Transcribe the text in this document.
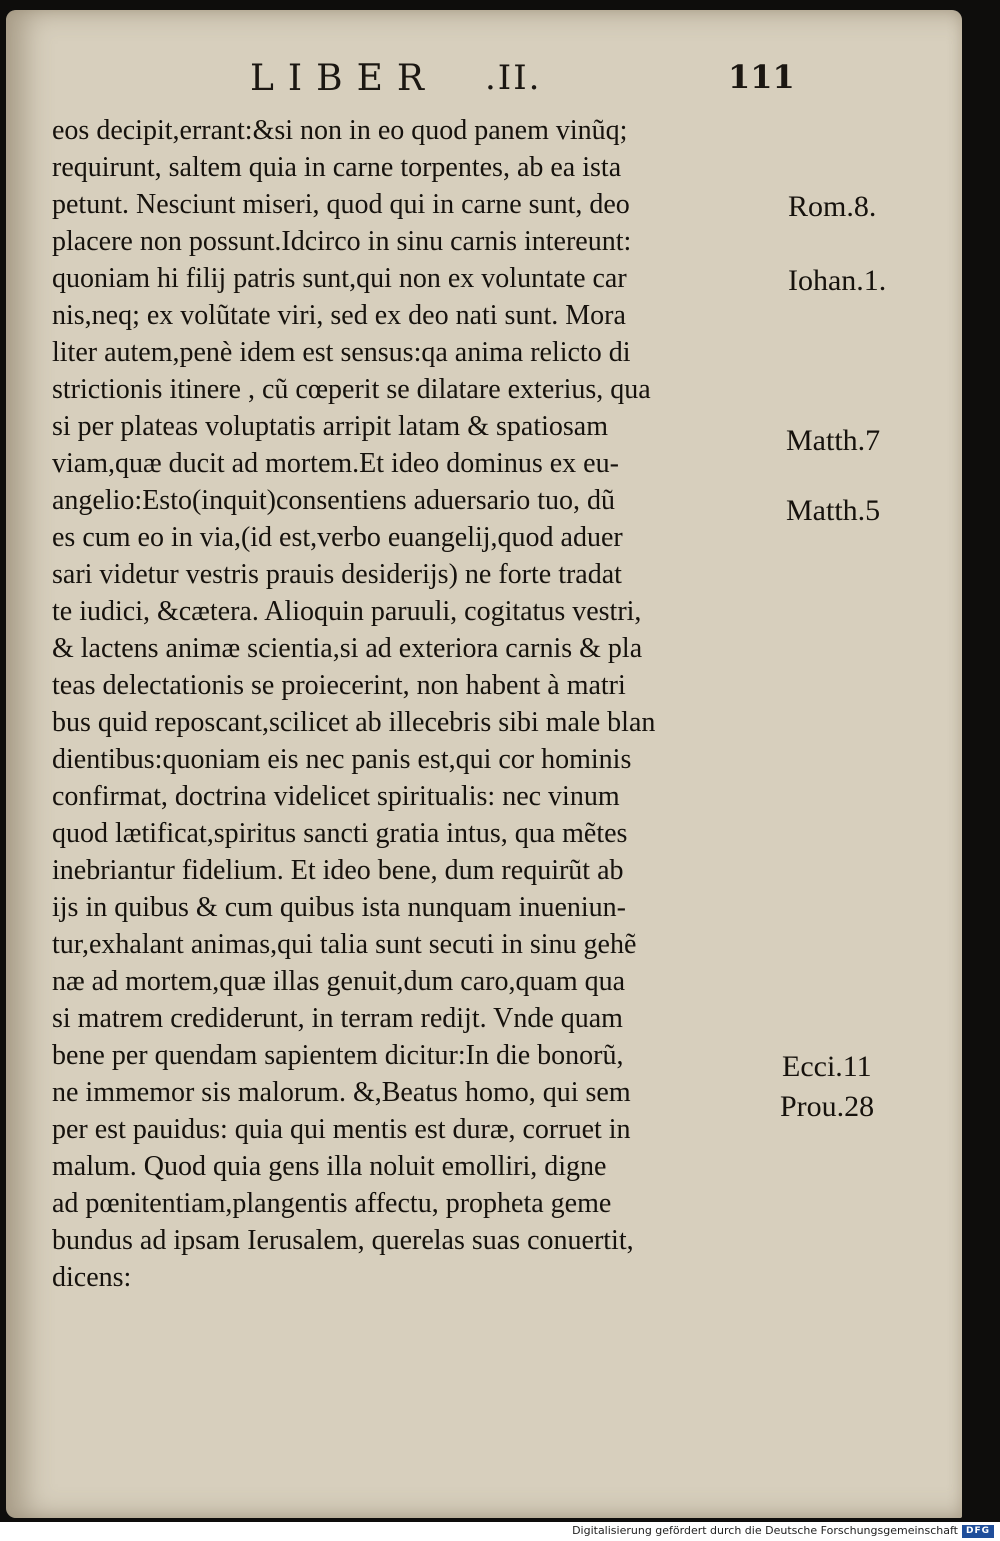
LIBER .II.	111
eos decipit,errant:&si non in eo quod panem vinũq;
requirunt, saltem quia in carne torpentes, ab ea ista
petunt. Nesciunt miseri, quod qui in carne sunt, deo
placere non possunt.Idcirco in sinu carnis intereunt:
quoniam hi filij patris sunt,qui non ex voluntate car
nis,neq; ex volũtate viri, sed ex deo nati sunt. Mora
liter autem,penè idem est sensus:qa anima relicto di
strictionis itinere , cũ cœperit se dilatare exterius, qua
si per plateas voluptatis arripit latam & spatiosam
viam,quæ ducit ad mortem.Et ideo dominus ex eu-
angelio:Esto(inquit)consentiens aduersario tuo, dũ
es cum eo in via,(id est,verbo euangelij,quod aduer
sari videtur vestris prauis desiderijs) ne forte tradat
te iudici, &cætera. Alioquin paruuli, cogitatus vestri,
& lactens animæ scientia,si ad exteriora carnis & pla
teas delectationis se proiecerint, non habent à matri
bus quid reposcant,scilicet ab illecebris sibi male blan
dientibus:quoniam eis nec panis est,qui cor hominis
confirmat, doctrina videlicet spiritualis: nec vinum
quod lætificat,spiritus sancti gratia intus, qua mẽtes
inebriantur fidelium. Et ideo bene, dum requirũt ab
ijs in quibus & cum quibus ista nunquam inueniun-
tur,exhalant animas,qui talia sunt secuti in sinu gehẽ
næ ad mortem,quæ illas genuit,dum caro,quam qua
si matrem crediderunt, in terram redijt. Vnde quam
bene per quendam sapientem dicitur:In die bonorũ,
ne immemor sis malorum. &,Beatus homo, qui sem
per est pauidus: quia qui mentis est duræ, corruet in
malum. Quod quia gens illa noluit emolliri, digne
ad pœnitentiam,plangentis affectu, propheta geme
bundus ad ipsam Ierusalem, querelas suas conuertit,
dicens:
Rom.8.
Iohan.1.
Matth.7
Matth.5
Ecci.11
Prou.28
Digitalisierung gefördert durch die Deutsche Forschungsgemeinschaft DFG
